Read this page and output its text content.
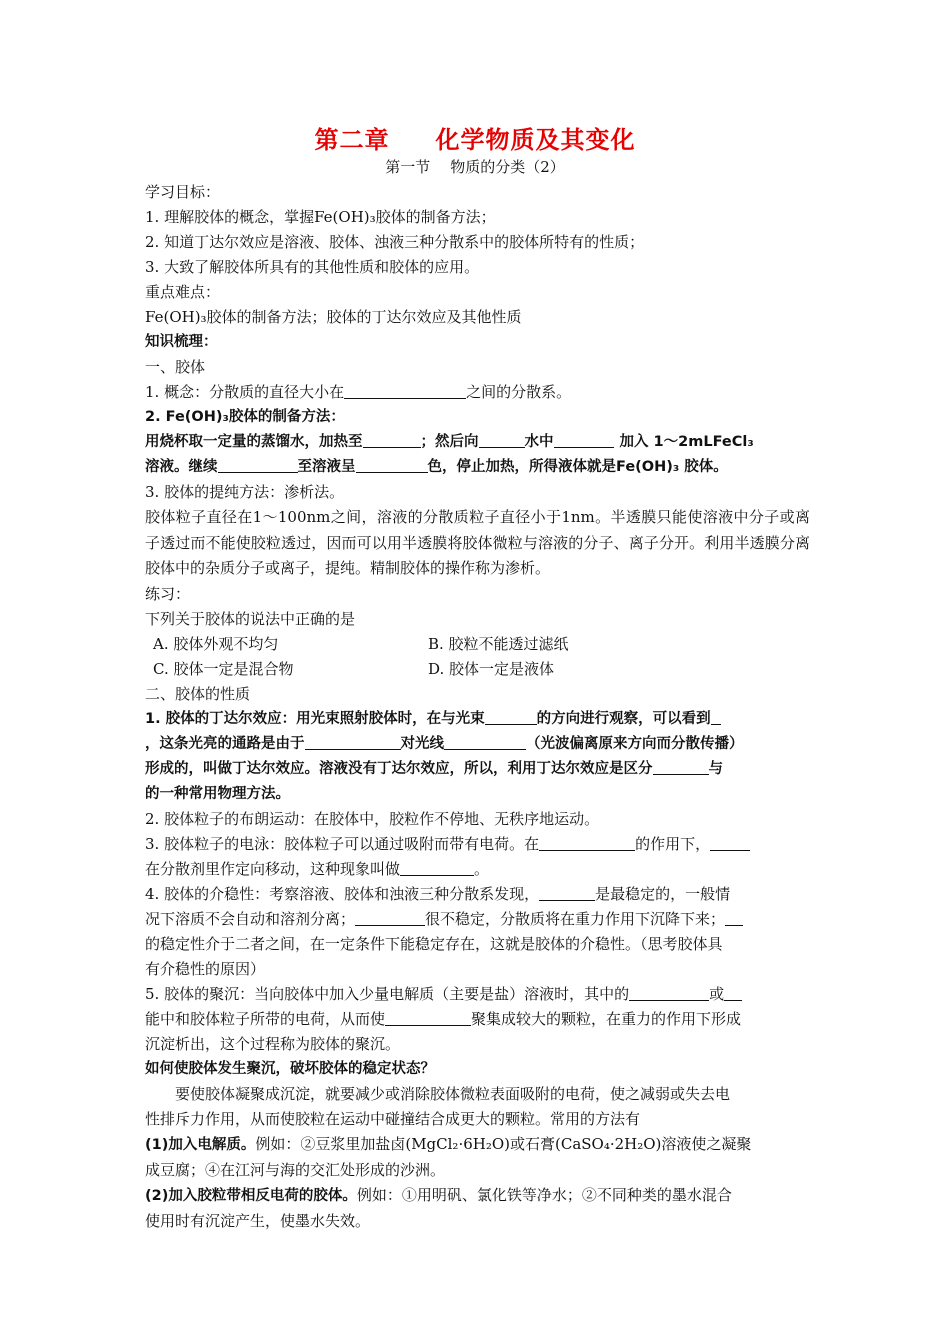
第二章 化学物质及其变化
第一节 物质的分类（2）
学习目标：
1. 理解胶体的概念，掌握Fe(OH)₃胶体的制备方法；
2. 知道丁达尔效应是溶液、胶体、浊液三种分散系中的胶体所特有的性质；
3. 大致了解胶体所具有的其他性质和胶体的应用。
重点难点：
Fe(OH)₃胶体的制备方法；胶体的丁达尔效应及其他性质
知识梳理：
一、胶体
1. 概念：分散质的直径大小在	之间的分散系。
2. Fe(OH)₃胶体的制备方法：
用烧杯取一定量的蒸馏水，加热至	；然后向	水中	加入 1～2mLFeCl₃
溶液。继续	至溶液呈	色，停止加热，所得液体就是Fe(OH)₃ 胶体。
3. 胶体的提纯方法：渗析法。
胶体粒子直径在1～100nm之间，溶液的分散质粒子直径小于1nm。半透膜只能使溶液中分子或离子透过而不能使胶粒透过，因而可以用半透膜将胶体微粒与溶液的分子、离子分开。利用半透膜分离胶体中的杂质分子或离子，提纯。精制胶体的操作称为渗析。
练习：
下列关于胶体的说法中正确的是
A. 胶体外观不均匀	B. 胶粒不能透过滤纸
C. 胶体一定是混合物	D. 胶体一定是液体
二、胶体的性质
1. 胶体的丁达尔效应：用光束照射胶体时，在与光束	的方向进行观察，可以看到
，这条光亮的通路是由于	对光线	（光波偏离原来方向而分散传播）
形成的，叫做丁达尔效应。溶液没有丁达尔效应，所以，利用丁达尔效应是区分	与
的一种常用物理方法。
2. 胶体粒子的布朗运动：在胶体中，胶粒作不停地、无秩序地运动。
3. 胶体粒子的电泳：胶体粒子可以通过吸附而带有电荷。在	的作用下，
在分散剂里作定向移动，这种现象叫做	。
4. 胶体的介稳性：考察溶液、胶体和浊液三种分散系发现，	是最稳定的，一般情
况下溶质不会自动和溶剂分离；	很不稳定，分散质将在重力作用下沉降下来；
的稳定性介于二者之间，在一定条件下能稳定存在，这就是胶体的介稳性。（思考胶体具
有介稳性的原因）
5. 胶体的聚沉：当向胶体中加入少量电解质（主要是盐）溶液时，其中的	或
能中和胶体粒子所带的电荷，从而使	聚集成较大的颗粒，在重力的作用下形成
沉淀析出，这个过程称为胶体的聚沉。
如何使胶体发生聚沉，破坏胶体的稳定状态？
要使胶体凝聚成沉淀，就要减少或消除胶体微粒表面吸附的电荷，使之减弱或失去电
性排斥力作用，从而使胶粒在运动中碰撞结合成更大的颗粒。常用的方法有
(1)加入电解质。例如：②豆浆里加盐卤(MgCl₂·6H₂O)或石膏(CaSO₄·2H₂O)溶液使之凝聚
成豆腐；④在江河与海的交汇处形成的沙洲。
(2)加入胶粒带相反电荷的胶体。例如：①用明矾、氯化铁等净水；②不同种类的墨水混合
使用时有沉淀产生，使墨水失效。
